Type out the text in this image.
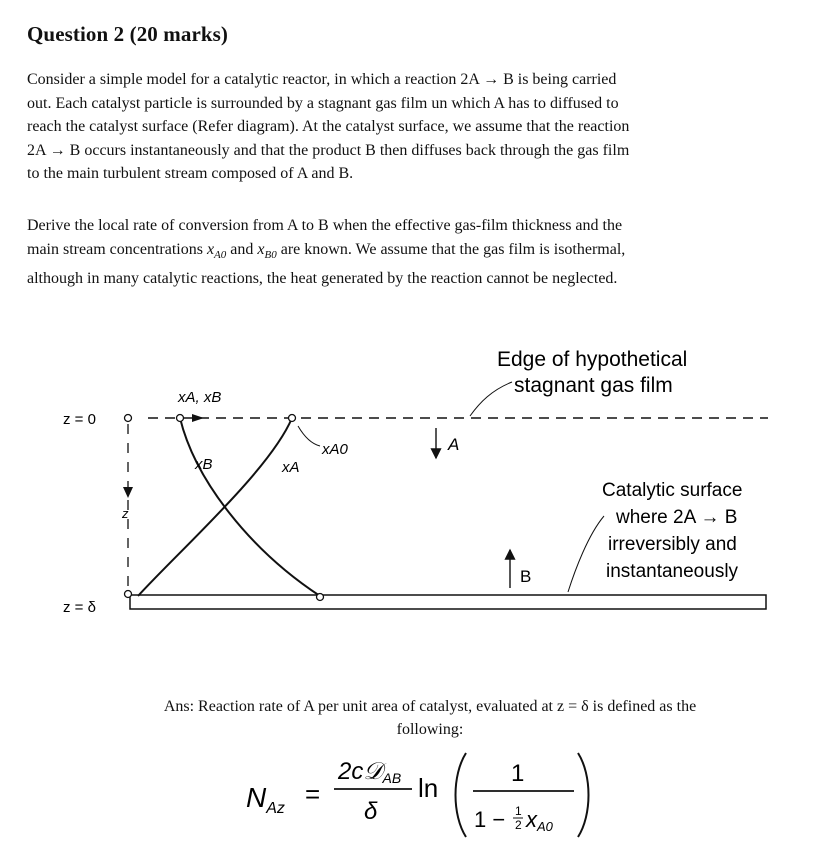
Question 2 (20 marks)
Consider a simple model for a catalytic reactor, in which a reaction 2A → B is being carried
out. Each catalyst particle is surrounded by a stagnant gas film un which A has to diffused to
reach the catalyst surface (Refer diagram). At the catalyst surface, we assume that the reaction
2A → B occurs instantaneously and that the product B then diffuses back through the gas film
to the main turbulent stream composed of A and B.
Derive the local rate of conversion from A to B when the effective gas-film thickness and the
main stream concentrations $x_{A0}$ and $x_{B0}$ are known. We assume that the gas film is isothermal,
although in many catalytic reactions, the heat generated by the reaction cannot be neglected.
z = 0
z = δ
z
xA, xB
xB	xA
xA0	A
B
Edge of hypothetical
stagnant gas film
Catalytic surface
where 2A → B
irreversibly and
instantaneously
Ans: Reaction rate of A per unit area of catalyst, evaluated at z = δ is defined as the
following:
$N_{Az}$ =
2c𝒟AB
δ
ln	1
1 − 1
2 xA0
